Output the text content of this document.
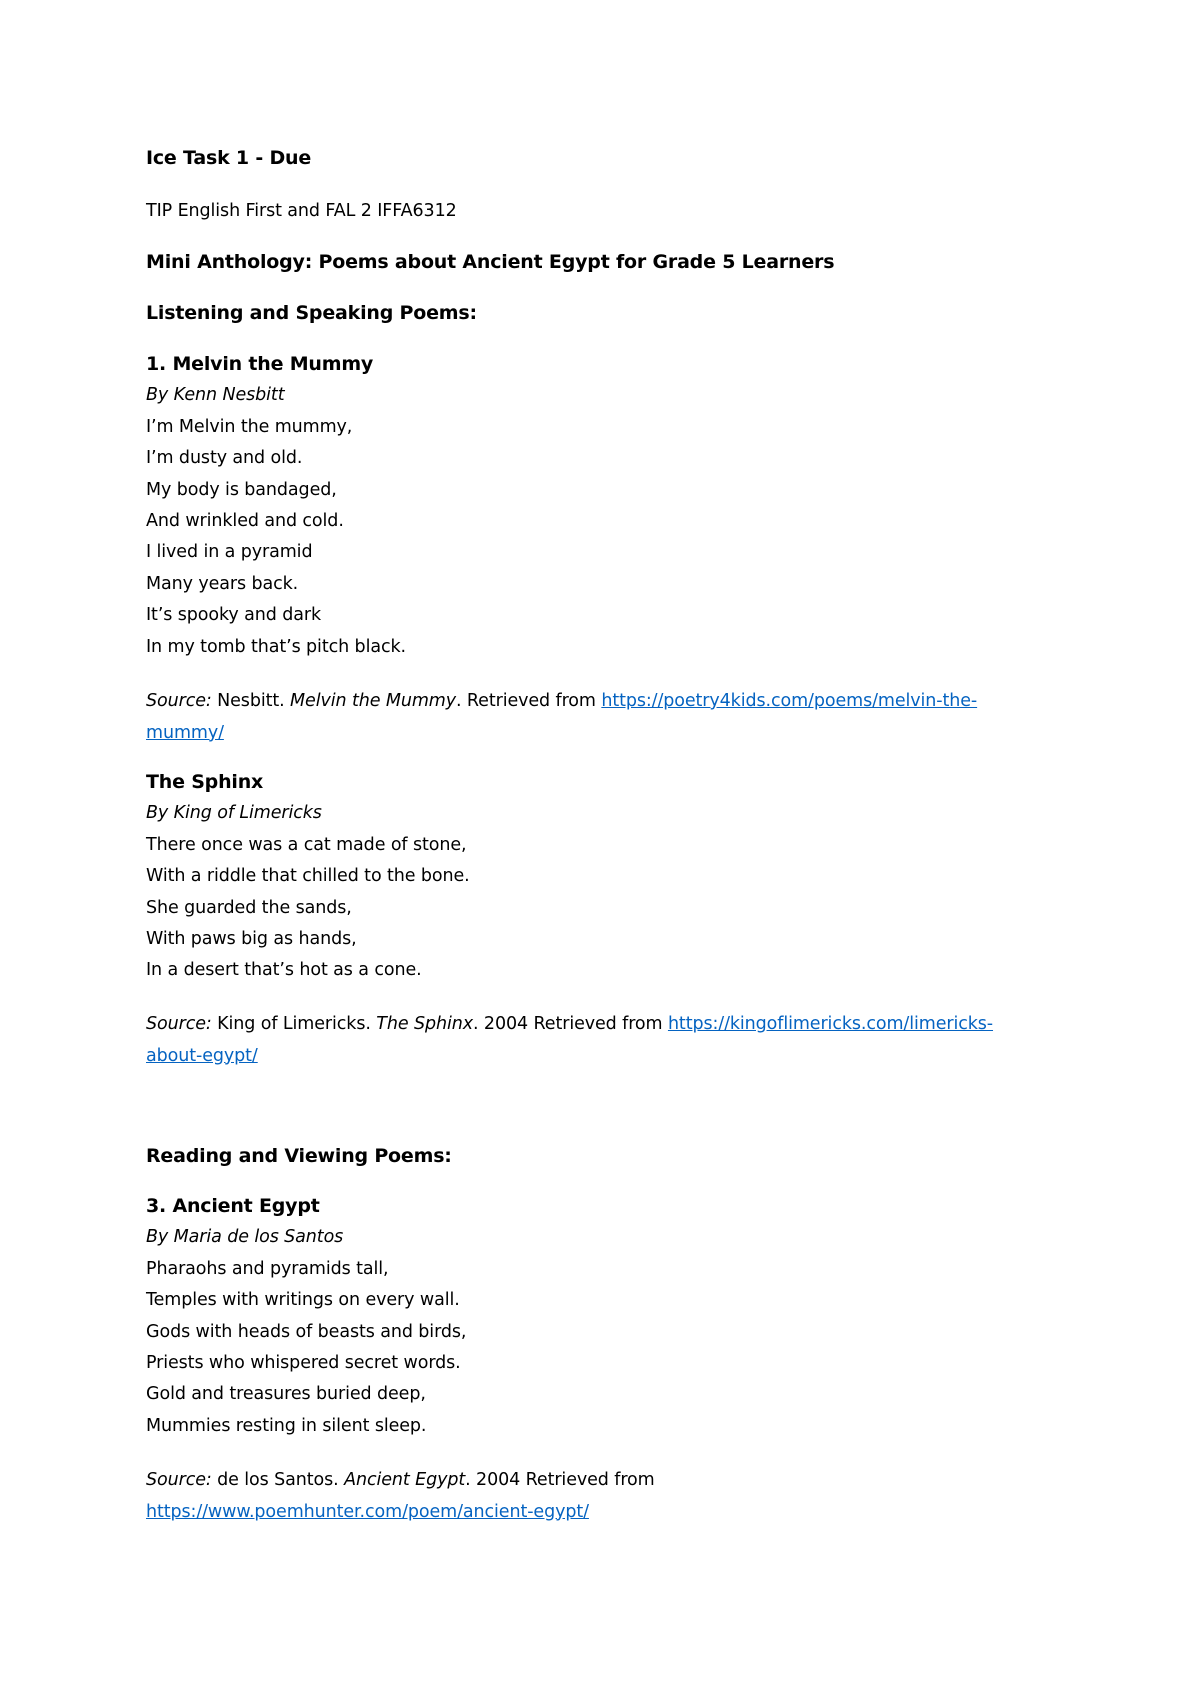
Ice Task 1 - Due

TIP English First and FAL 2 IFFA6312

Mini Anthology: Poems about Ancient Egypt for Grade 5 Learners

Listening and Speaking Poems:

1. Melvin the Mummy
By Kenn Nesbitt
I’m Melvin the mummy,
I’m dusty and old.
My body is bandaged,
And wrinkled and cold.
I lived in a pyramid
Many years back.
It’s spooky and dark
In my tomb that’s pitch black.
Source: Nesbitt. Melvin the Mummy. Retrieved from https://poetry4kids.com/poems/melvin-the-
mummy/
The Sphinx
By King of Limericks
There once was a cat made of stone,
With a riddle that chilled to the bone.
She guarded the sands,
With paws big as hands,
In a desert that’s hot as a cone.
Source: King of Limericks. The Sphinx. 2004 Retrieved from https://kingoflimericks.com/limericks-
about-egypt/

Reading and Viewing Poems:

3. Ancient Egypt
By Maria de los Santos
Pharaohs and pyramids tall,
Temples with writings on every wall.
Gods with heads of beasts and birds,
Priests who whispered secret words.
Gold and treasures buried deep,
Mummies resting in silent sleep.
Source: de los Santos. Ancient Egypt. 2004 Retrieved from
https://www.poemhunter.com/poem/ancient-egypt/
